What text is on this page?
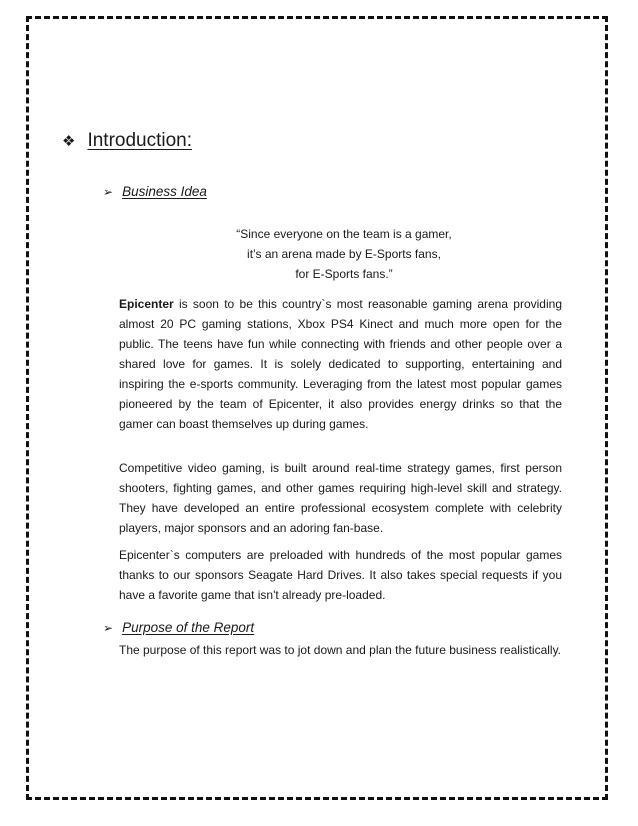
❖ Introduction:
➢ Business Idea
“Since everyone on the team is a gamer,
it’s an arena made by E-Sports fans,
for E-Sports fans.”

Epicenter is soon to be this country`s most reasonable gaming arena providing almost 20 PC gaming stations, Xbox PS4 Kinect and much more open for the public. The teens have fun while connecting with friends and other people over a shared love for games. It is solely dedicated to supporting, entertaining and inspiring the e-sports community. Leveraging from the latest most popular games pioneered by the team of Epicenter, it also provides energy drinks so that the gamer can boast themselves up during games.

Competitive video gaming, is built around real-time strategy games, first person shooters, fighting games, and other games requiring high-level skill and strategy. They have developed an entire professional ecosystem complete with celebrity players, major sponsors and an adoring fan-base.

Epicenter`s computers are preloaded with hundreds of the most popular games thanks to our sponsors Seagate Hard Drives. It also takes special requests if you have a favorite game that isn't already pre-loaded.

➢ Purpose of the Report

The purpose of this report was to jot down and plan the future business realistically.
